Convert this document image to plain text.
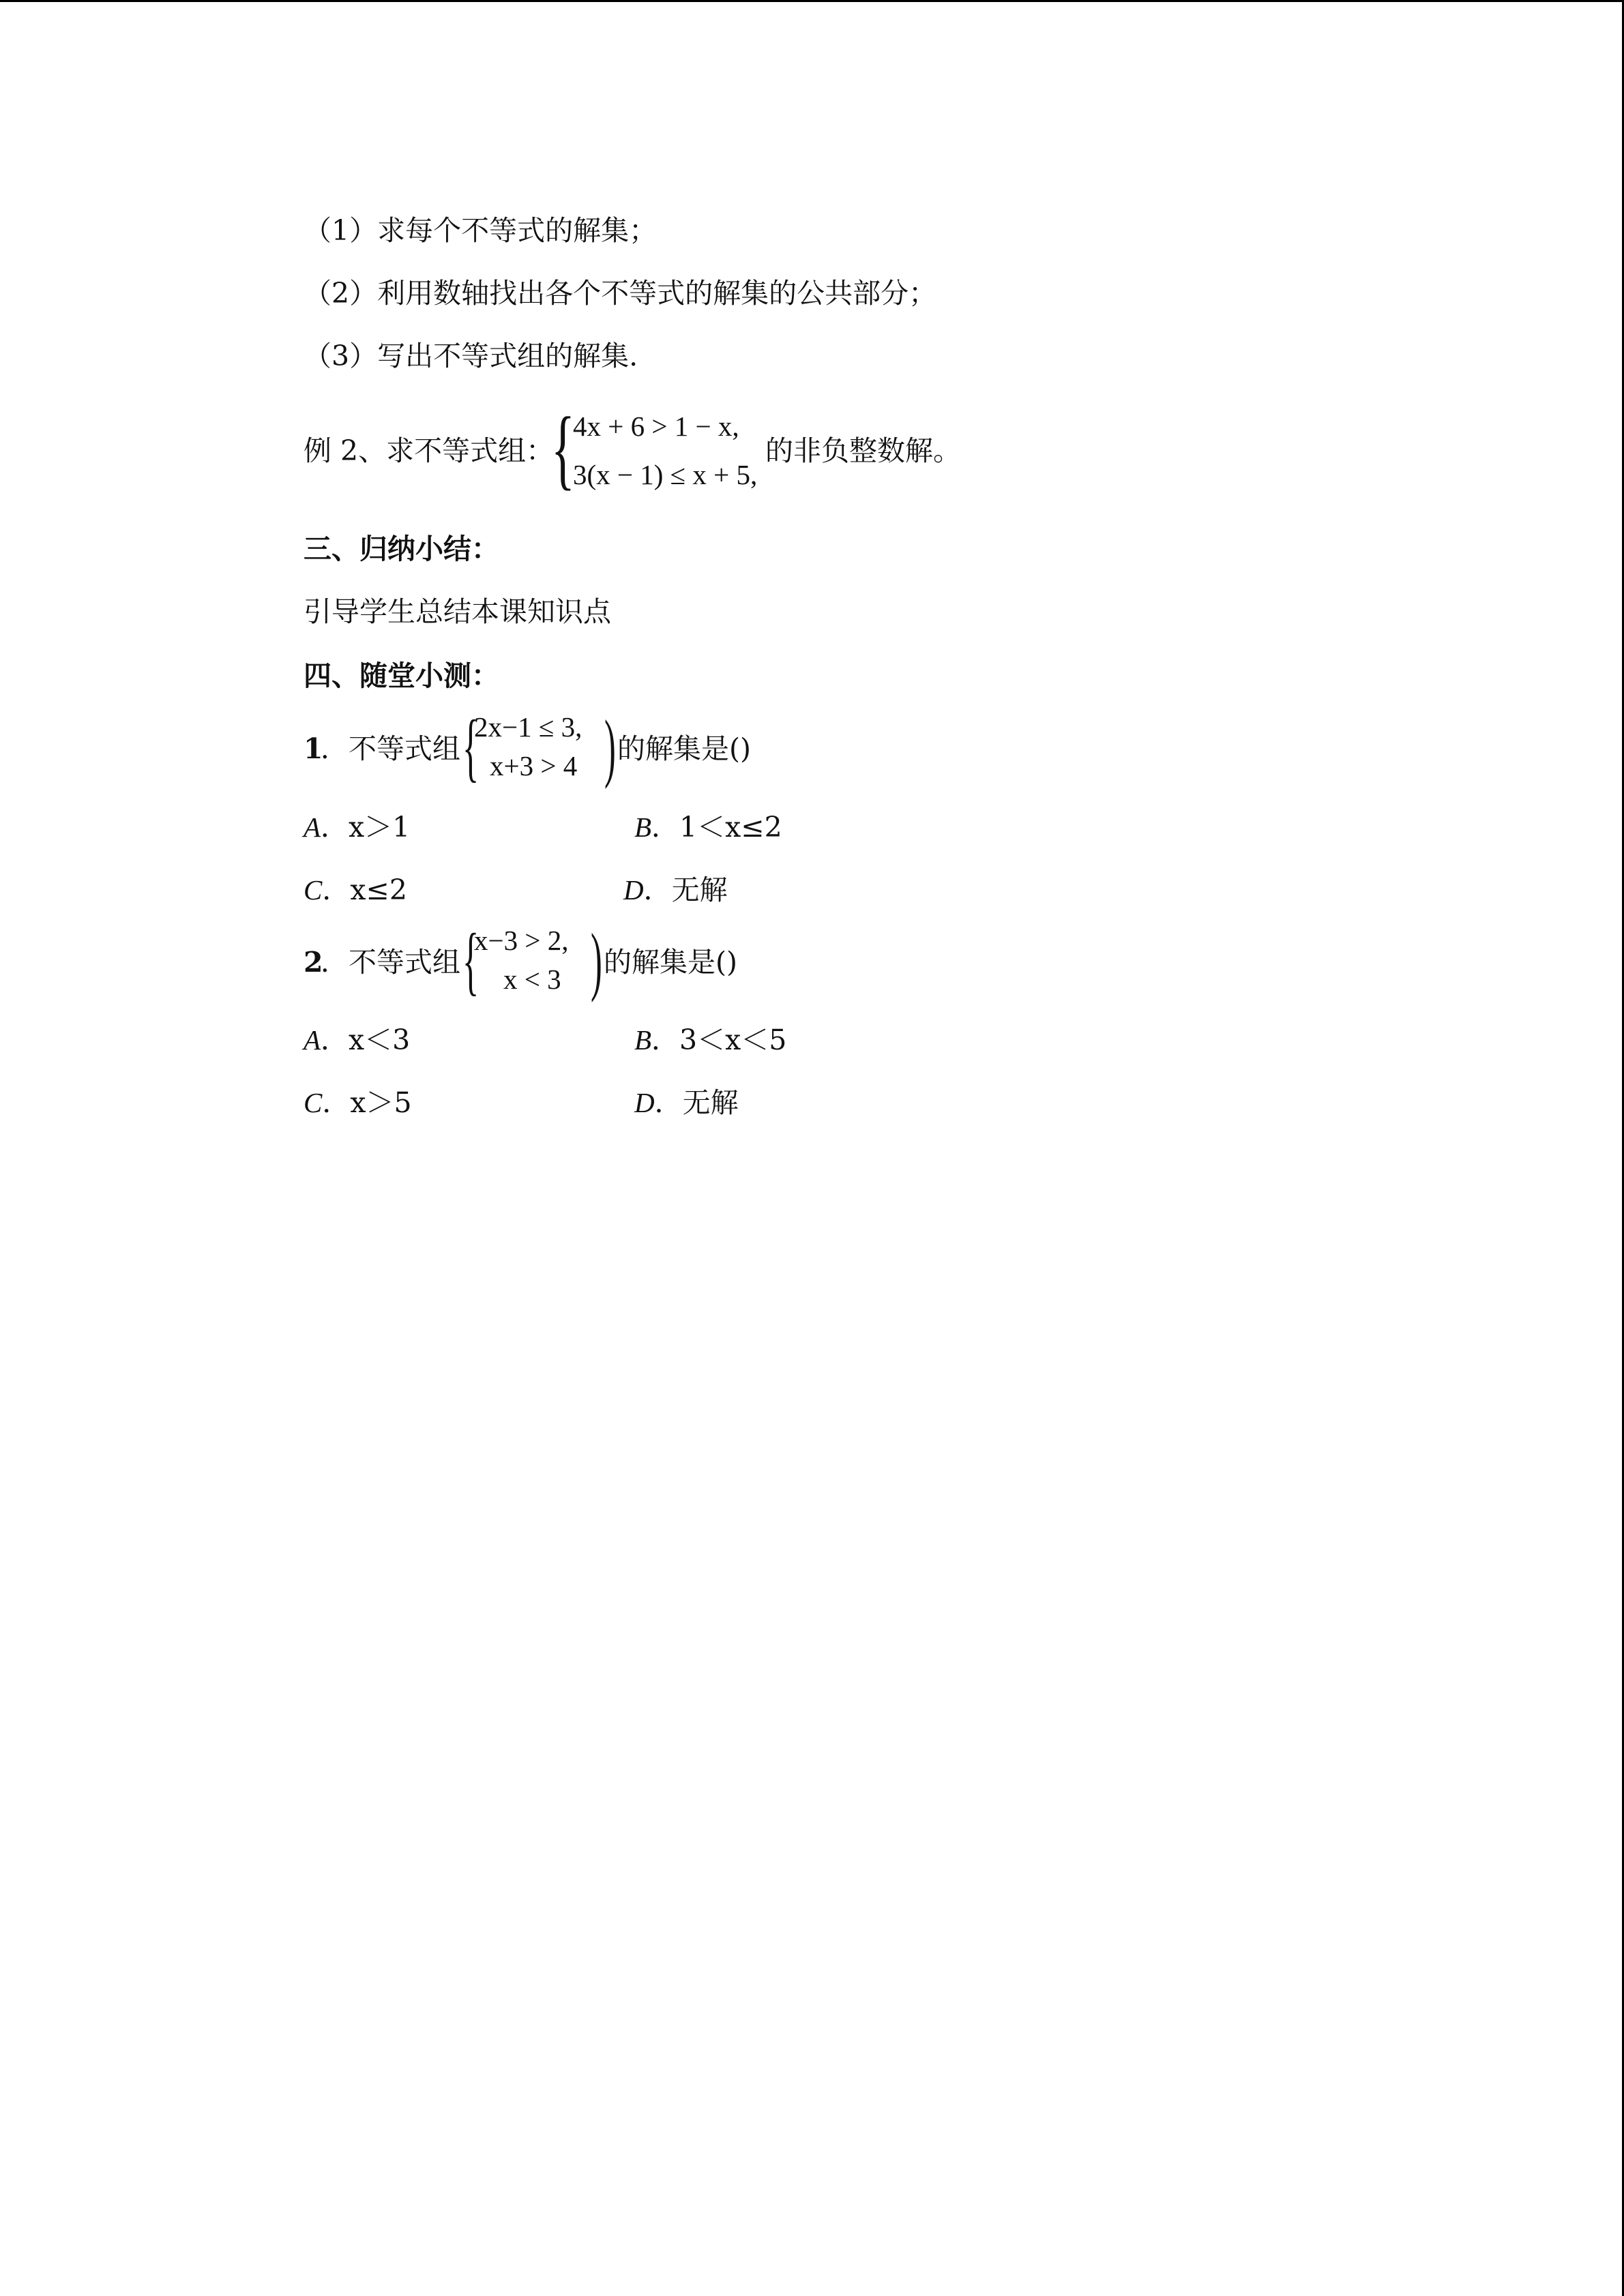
（1）求每个不等式的解集；
（2）利用数轴找出各个不等式的解集的公共部分；
（3）写出不等式组的解集.
例 2、求不等式组：
{
4x + 6 > 1 − x,
3(x − 1) ≤ x + 5,
的非负整数解。
三、归纳小结：
引导学生总结本课知识点
四、随堂小测：
1
．不等式组 {
2x−1 ≤ 3,
x+3 > 4 ) 的解集是()
A．x＞1	B．1＜x≤2
C．x≤2	D．无解
2
．不等式组 {
x−3 > 2,
x < 3 ) 的解集是()
A．x＜3	B．3＜x＜5
C．x＞5	D．无解
